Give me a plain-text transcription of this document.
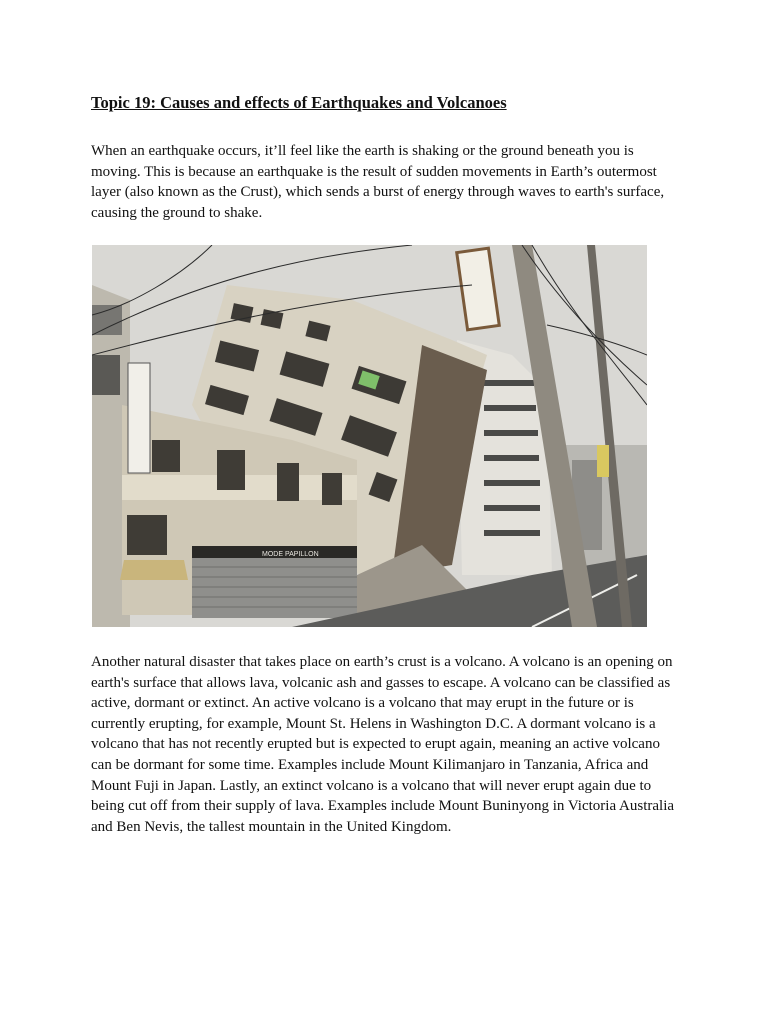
Topic 19: Causes and effects of Earthquakes and Volcanoes

When an earthquake occurs, it’ll feel like the earth is shaking or the ground beneath you is moving. This is because an earthquake is the result of sudden movements in Earth’s outermost layer (also known as the Crust), which sends a burst of energy through waves to earth's surface, causing the ground to shake.

MODE PAPILLON

Another natural disaster that takes place on earth’s crust is a volcano. A volcano is an opening on earth's surface that allows lava, volcanic ash and gasses to escape. A volcano can be classified as active, dormant or extinct. An active volcano is a volcano that may erupt in the future or is currently erupting, for example, Mount St. Helens in Washington D.C. A dormant volcano is a volcano that has not recently erupted but is expected to erupt again, meaning an active volcano can be dormant for some time. Examples include Mount Kilimanjaro in Tanzania, Africa and Mount Fuji in Japan. Lastly, an extinct volcano is a volcano that will never erupt again due to being cut off from their supply of lava. Examples include Mount Buninyong in Victoria Australia and Ben Nevis, the tallest mountain in the United Kingdom.
